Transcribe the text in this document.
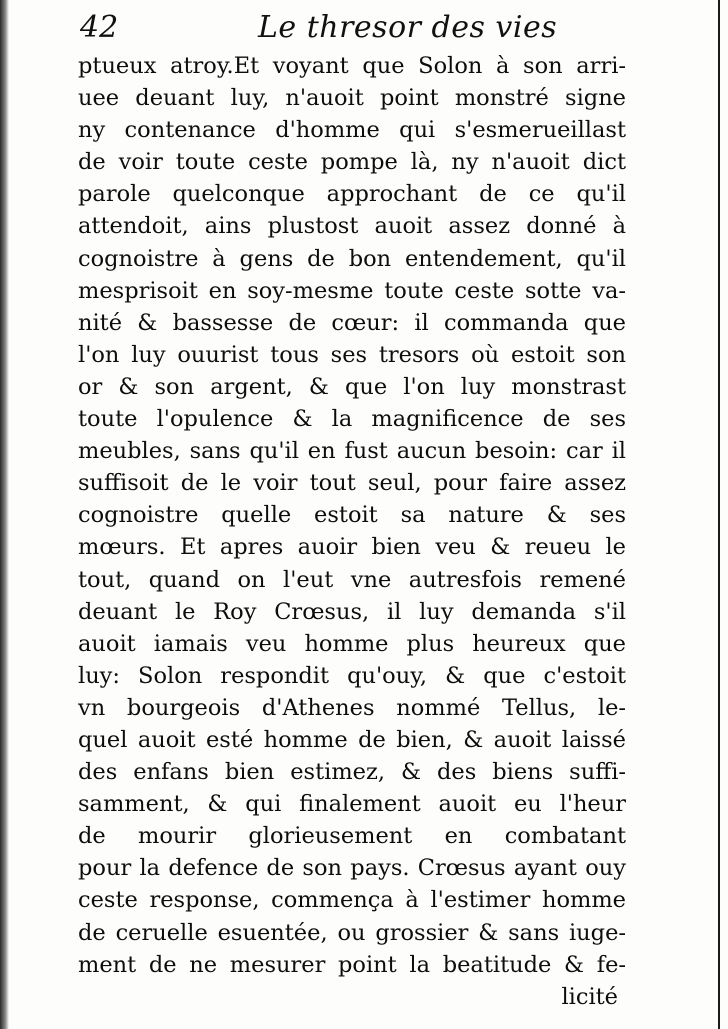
42	Le thresor des vies
ptueux atroy.Et voyant que Solon à son arri-
uee deuant luy, n'auoit point monstré signe
ny contenance d'homme qui s'esmerueillast
de voir toute ceste pompe là, ny n'auoit dict
parole quelconque approchant de ce qu'il
attendoit, ains plustost auoit assez donné à
cognoistre à gens de bon entendement, qu'il
mesprisoit en soy-mesme toute ceste sotte va-
nité & bassesse de cœur: il commanda que
l'on luy ouurist tous ses tresors où estoit son
or & son argent, & que l'on luy monstrast
toute l'opulence & la magnificence de ses
meubles, sans qu'il en fust aucun besoin: car il
suffisoit de le voir tout seul, pour faire assez
cognoistre quelle estoit sa nature & ses
mœurs. Et apres auoir bien veu & reueu le
tout, quand on l'eut vne autresfois remené
deuant le Roy Crœsus, il luy demanda s'il
auoit iamais veu homme plus heureux que
luy: Solon respondit qu'ouy, & que c'estoit
vn bourgeois d'Athenes nommé Tellus, le-
quel auoit esté homme de bien, & auoit laissé
des enfans bien estimez, & des biens suffi-
samment, & qui finalement auoit eu l'heur
de mourir glorieusement en combatant
pour la defence de son pays. Crœsus ayant ouy
ceste response, commença à l'estimer homme
de ceruelle esuentée, ou grossier & sans iuge-
ment de ne mesurer point la beatitude & fe-
licité
